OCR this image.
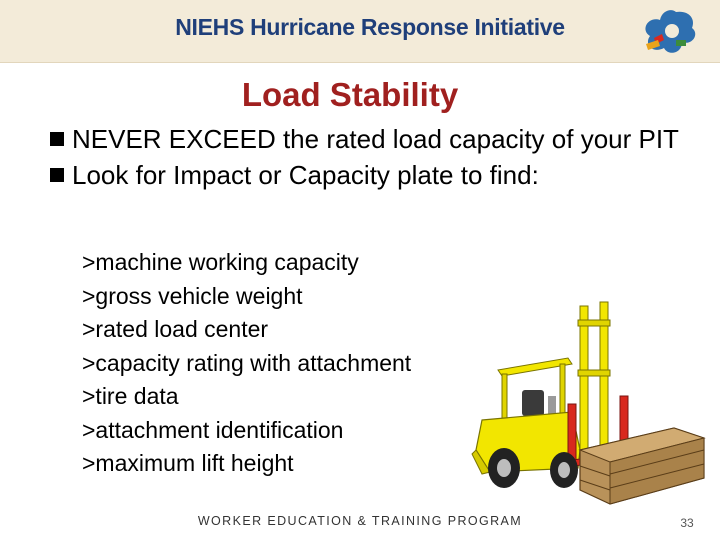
NIEHS Hurricane Response Initiative
Load Stability
NEVER EXCEED the rated load capacity of your PIT
Look for Impact or Capacity plate to find:
>machine working capacity
>gross vehicle weight
>rated load center
>capacity rating with attachment
>tire data
>attachment identification
>maximum lift height
WORKER EDUCATION & TRAINING PROGRAM	33
